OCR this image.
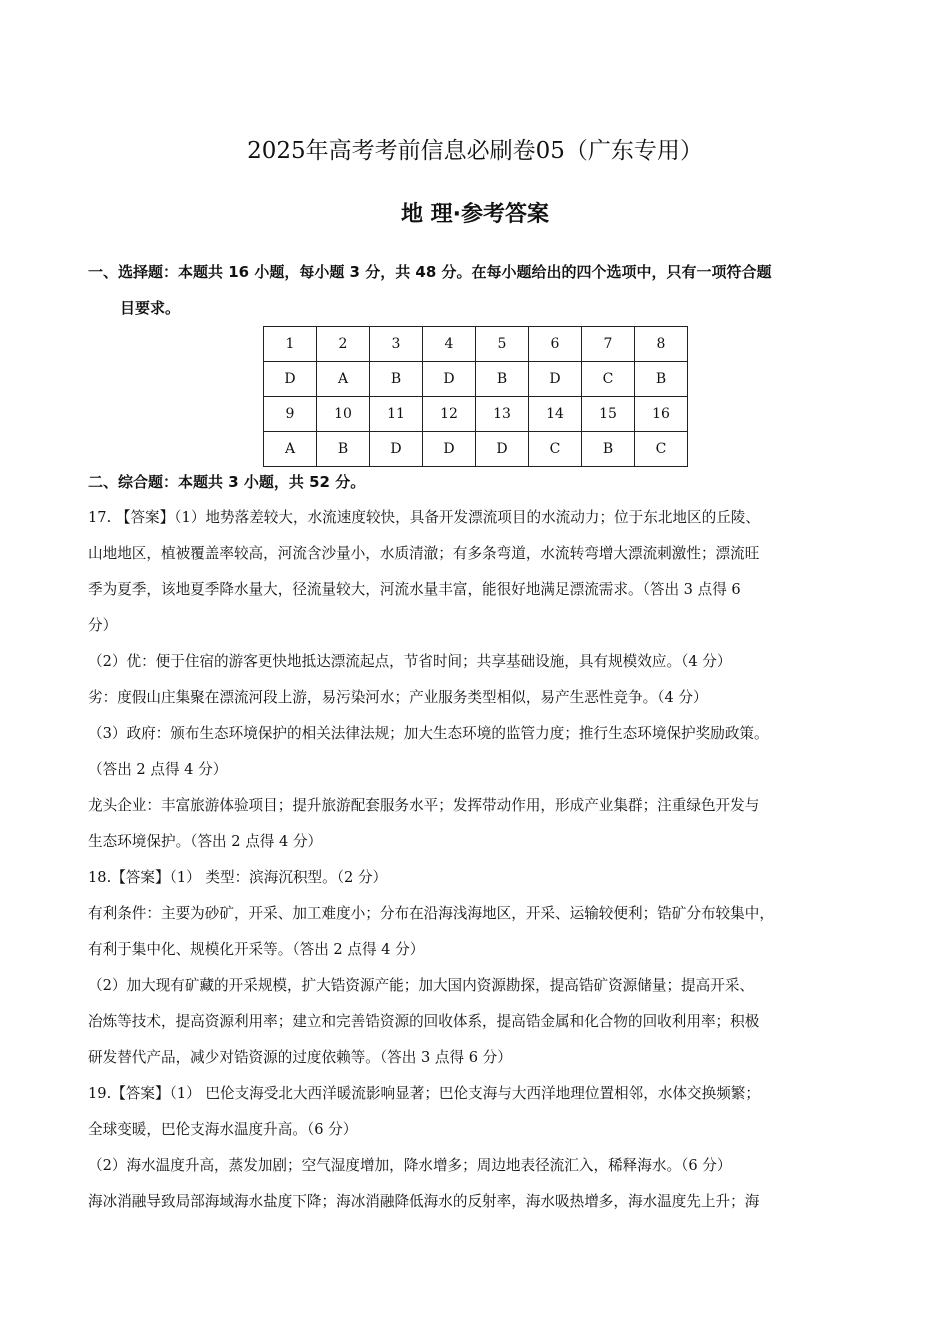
2025年高考考前信息必刷卷05（广东专用）
地 理·参考答案
一、选择题：本题共 16 小题，每小题 3 分，共 48 分。在每小题给出的四个选项中，只有一项符合题
目要求。
1	2	3	4	5	6	7	8
D	A	B	D	B	D	C	B
9	10	11	12	13	14	15	16
A	B	D	D	D	C	B	C
二、综合题：本题共 3 小题，共 52 分。

17. 【答案】（1）地势落差较大，水流速度较快，具备开发漂流项目的水流动力；位于东北地区的丘陵、

山地地区，植被覆盖率较高，河流含沙量小，水质清澈；有多条弯道，水流转弯增大漂流刺激性；漂流旺

季为夏季，该地夏季降水量大，径流量较大，河流水量丰富，能很好地满足漂流需求。（答出 3 点得 6

分）

（2）优：便于住宿的游客更快地抵达漂流起点，节省时间；共享基础设施，具有规模效应。（4 分）

劣：度假山庄集聚在漂流河段上游，易污染河水；产业服务类型相似，易产生恶性竞争。（4 分）

（3）政府：颁布生态环境保护的相关法律法规；加大生态环境的监管力度；推行生态环境保护奖励政策。

（答出 2 点得 4 分）

龙头企业：丰富旅游体验项目；提升旅游配套服务水平；发挥带动作用，形成产业集群；注重绿色开发与

生态环境保护。（答出 2 点得 4 分）

18.【答案】（1） 类型：滨海沉积型。（2 分）

有利条件：主要为砂矿，开采、加工难度小；分布在沿海浅海地区，开采、运输较便利；锆矿分布较集中，

有利于集中化、规模化开采等。（答出 2 点得 4 分）

（2）加大现有矿藏的开采规模，扩大锆资源产能；加大国内资源勘探，提高锆矿资源储量；提高开采、

冶炼等技术，提高资源利用率；建立和完善锆资源的回收体系，提高锆金属和化合物的回收利用率；积极

研发替代产品，减少对锆资源的过度依赖等。（答出 3 点得 6 分）

19.【答案】（1） 巴伦支海受北大西洋暖流影响显著；巴伦支海与大西洋地理位置相邻，水体交换频繁；

全球变暖，巴伦支海水温度升高。（6 分）

（2）海水温度升高，蒸发加剧；空气湿度增加，降水增多；周边地表径流汇入，稀释海水。（6 分）

海冰消融导致局部海域海水盐度下降；海冰消融降低海水的反射率，海水吸热增多，海水温度先上升；海
